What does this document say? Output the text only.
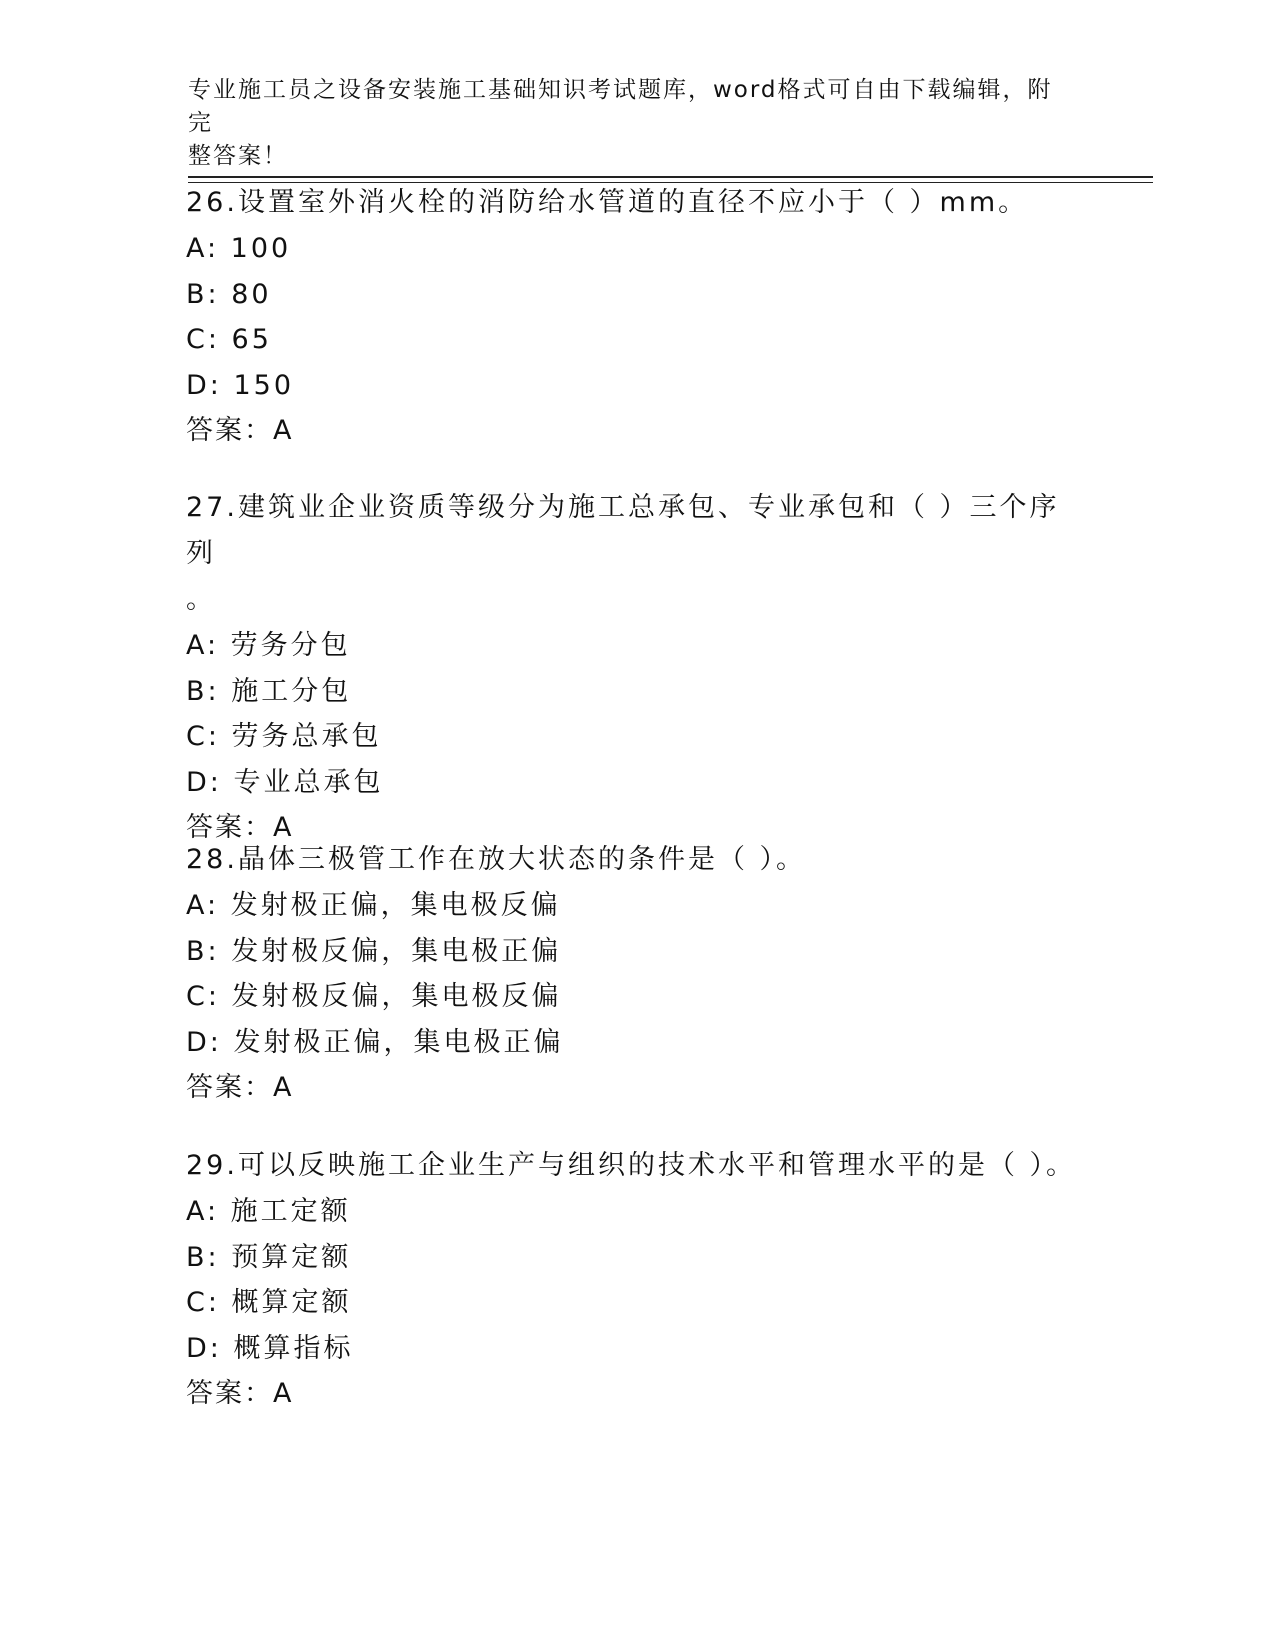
专业施工员之设备安装施工基础知识考试题库，word格式可自由下载编辑，附完
整答案！

26.设置室外消火栓的消防给水管道的直径不应小于（ ）mm。

A: 100

B: 80

C: 65

D: 150

答案：A

27.建筑业企业资质等级分为施工总承包、专业承包和（ ）三个序列

。

A: 劳务分包

B: 施工分包

C: 劳务总承包

D: 专业总承包

答案：A

28.晶体三极管工作在放大状态的条件是（ ）。

A: 发射极正偏，集电极反偏

B: 发射极反偏，集电极正偏

C: 发射极反偏，集电极反偏

D: 发射极正偏，集电极正偏

答案：A

29.可以反映施工企业生产与组织的技术水平和管理水平的是（ ）。

A: 施工定额

B: 预算定额

C: 概算定额

D: 概算指标

答案：A
